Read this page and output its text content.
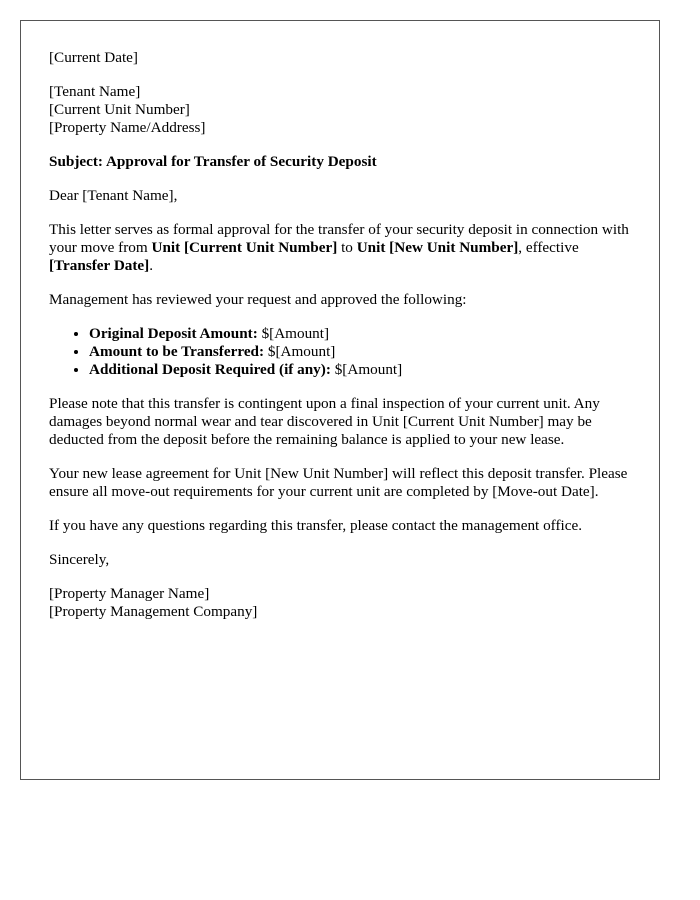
[Current Date]

[Tenant Name]
[Current Unit Number]
[Property Name/Address]

Subject: Approval for Transfer of Security Deposit

Dear [Tenant Name],

This letter serves as formal approval for the transfer of your security deposit in connection with your move from Unit [Current Unit Number] to Unit [New Unit Number], effective [Transfer Date].

Management has reviewed your request and approved the following:

• Original Deposit Amount: $[Amount]
• Amount to be Transferred: $[Amount]
• Additional Deposit Required (if any): $[Amount]

Please note that this transfer is contingent upon a final inspection of your current unit. Any damages beyond normal wear and tear discovered in Unit [Current Unit Number] may be deducted from the deposit before the remaining balance is applied to your new lease.

Your new lease agreement for Unit [New Unit Number] will reflect this deposit transfer. Please ensure all move-out requirements for your current unit are completed by [Move-out Date].

If you have any questions regarding this transfer, please contact the management office.

Sincerely,

[Property Manager Name]
[Property Management Company]
